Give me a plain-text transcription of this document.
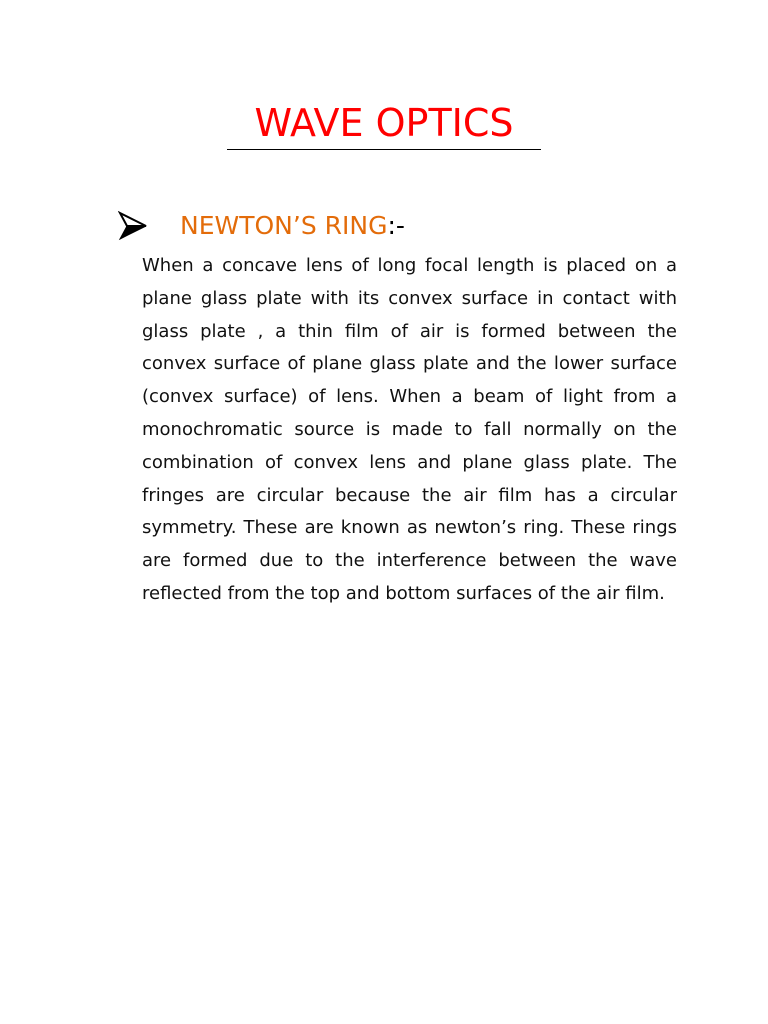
WAVE OPTICS
NEWTON’S RING:-

When a concave lens of long focal length is placed on a plane glass plate with its convex surface in contact with glass plate , a thin film of air is formed between the convex surface of plane glass plate and the lower surface (convex surface) of lens. When a beam of light from a monochromatic source is made to fall normally on the combination of convex lens and plane glass plate. The fringes are circular because the air film has a circular symmetry. These are known as newton’s ring. These rings are formed due to the interference between the wave reflected from the top and bottom surfaces of the air film.
